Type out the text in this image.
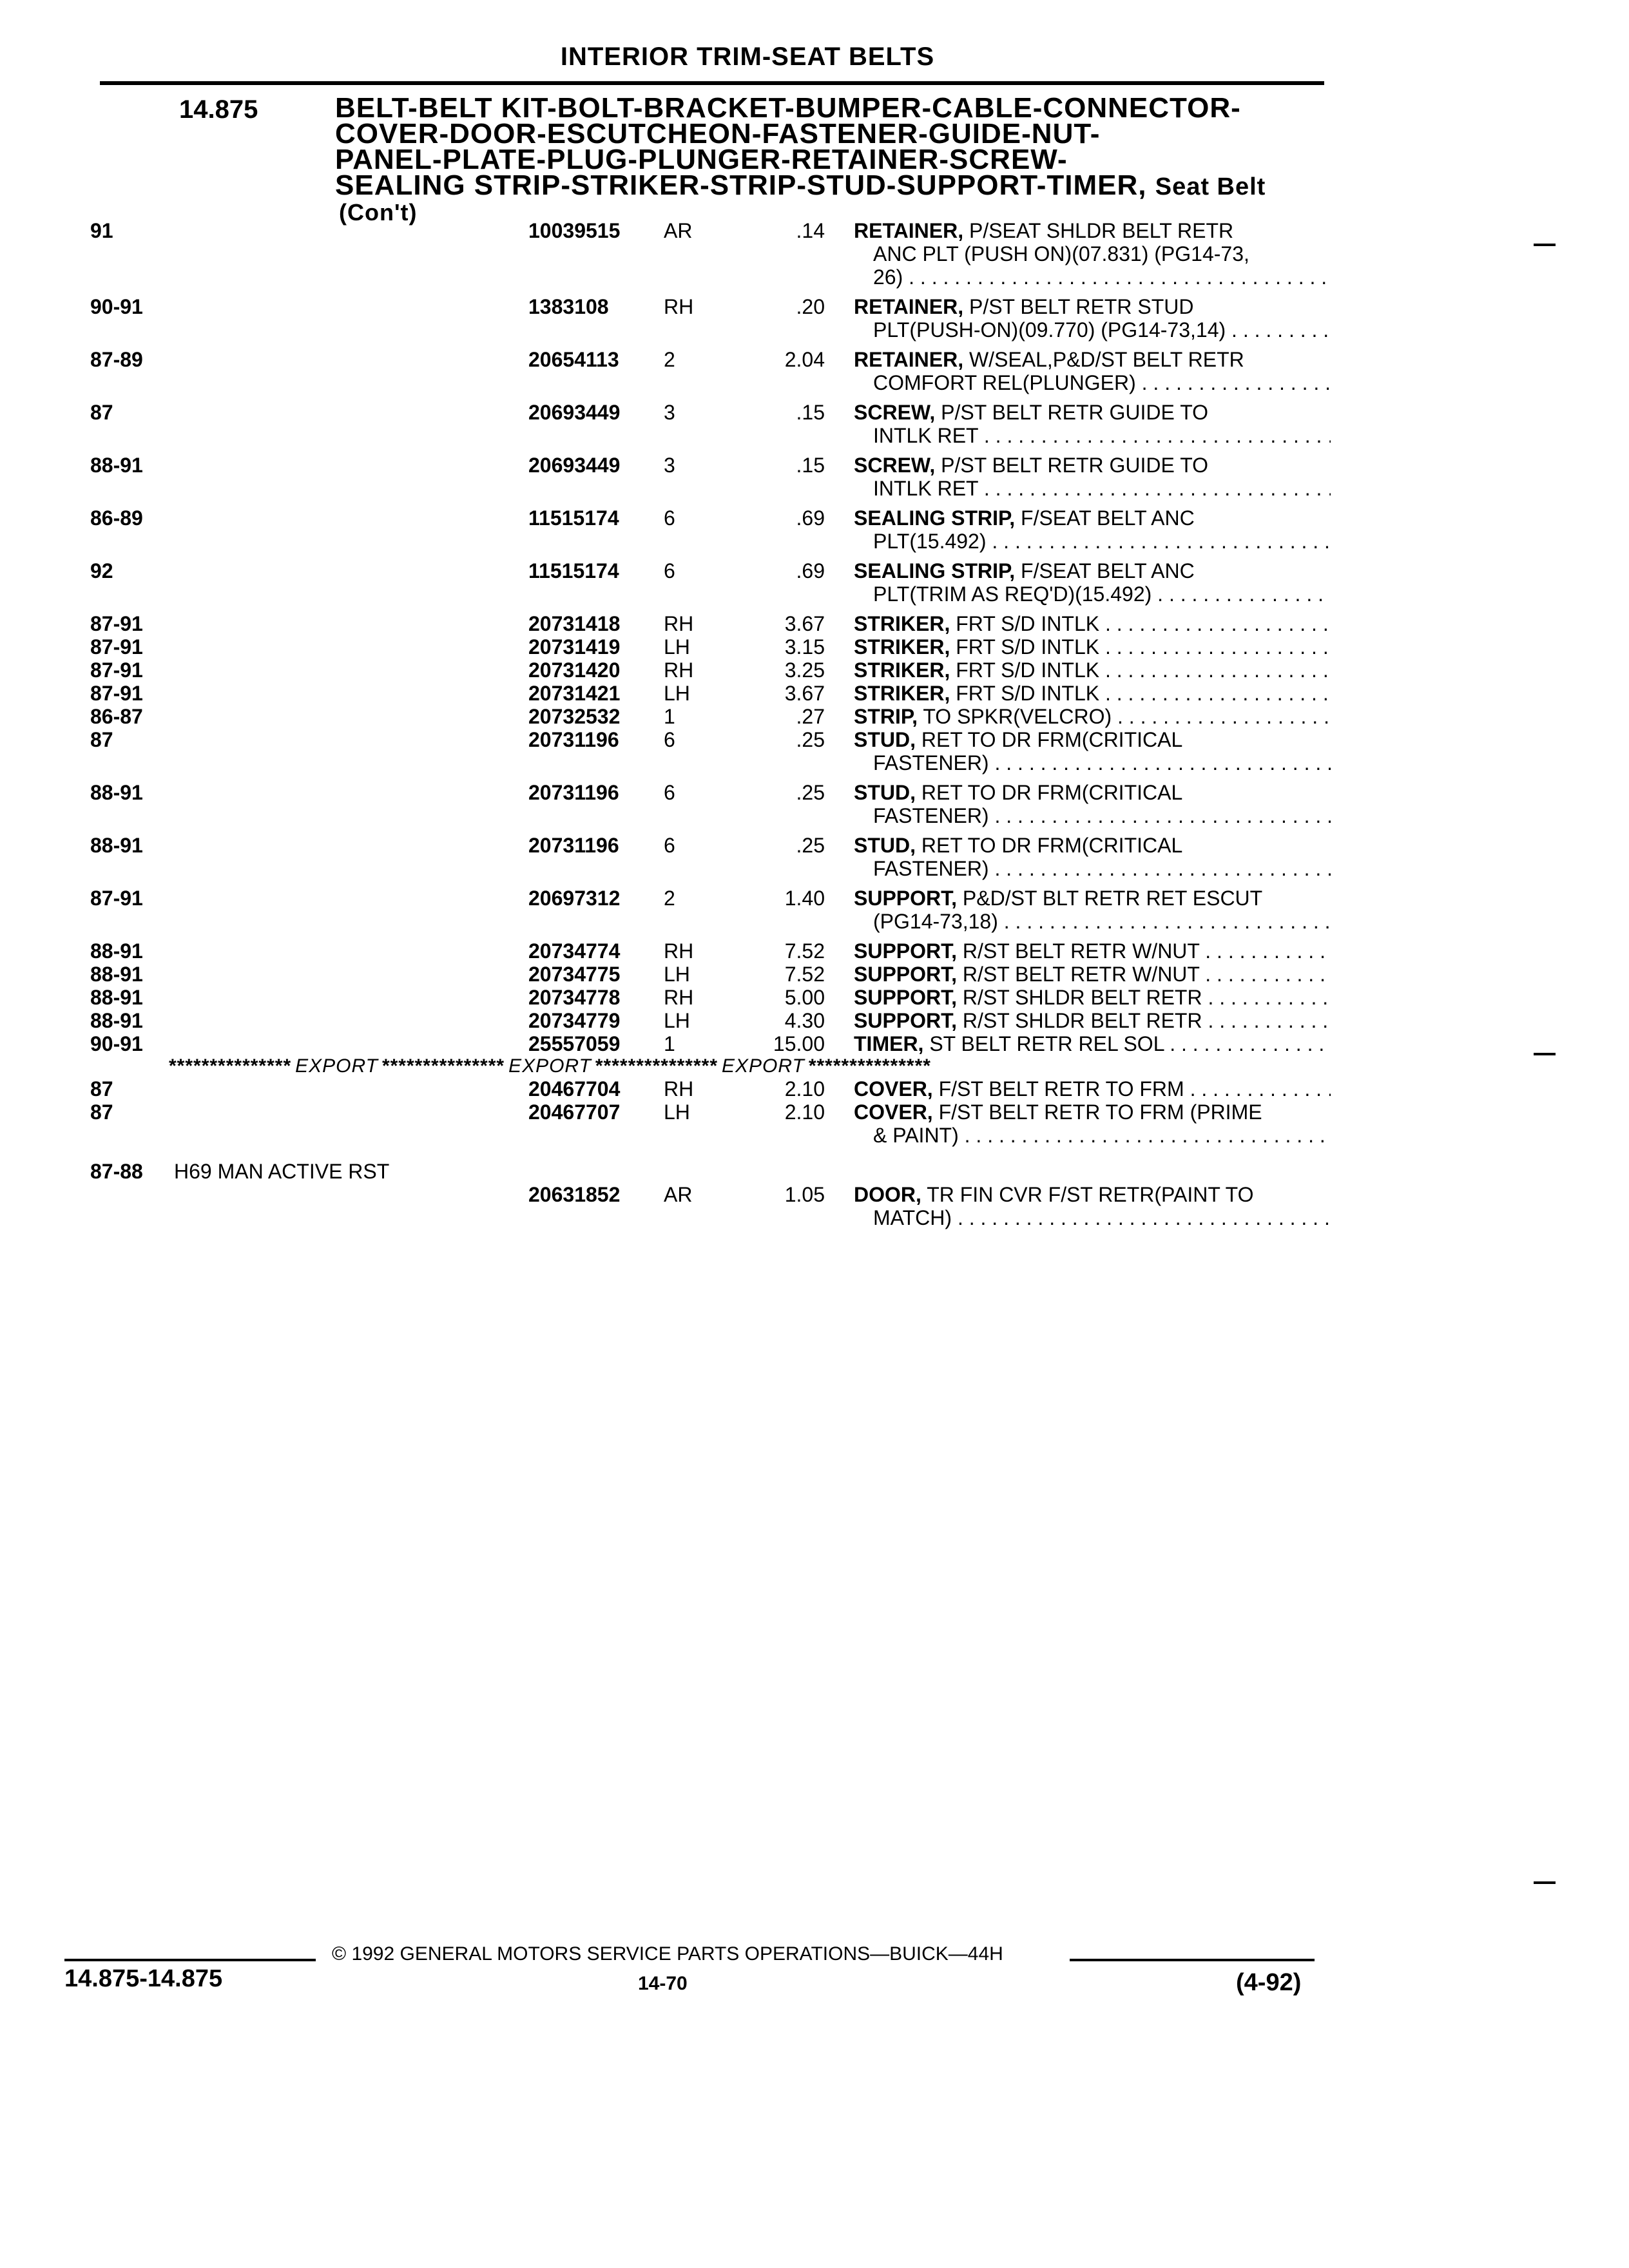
INTERIOR TRIM-SEAT BELTS
14.875	BELT-BELT KIT-BOLT-BRACKET-BUMPER-CABLE-CONNECTOR-
COVER-DOOR-ESCUTCHEON-FASTENER-GUIDE-NUT-
PANEL-PLATE-PLUG-PLUNGER-RETAINER-SCREW-
SEALING STRIP-STRIKER-STRIP-STUD-SUPPORT-TIMER, Seat Belt
(Con't)
91	10039515	AR	.14 RETAINER, P/SEAT SHLDR BELT RETR
ANC PLT (PUSH ON)(07.831) (PG14-73,
26) . . .
90-91	1383108	RH	.20 RETAINER, P/ST BELT RETR STUD
PLT(PUSH-ON)(09.770) (PG14-73,14) . . .
87-89	20654113	2	2.04 RETAINER, W/SEAL,P&D/ST BELT RETR
COMFORT REL(PLUNGER) . . .
87	20693449	3	.15 SCREW, P/ST BELT RETR GUIDE TO
INTLK RET . . .
88-91	20693449	3	.15 SCREW, P/ST BELT RETR GUIDE TO
INTLK RET . . .
86-89	11515174	6	.69 SEALING STRIP, F/SEAT BELT ANC
PLT(15.492) . . .
92	11515174	6	.69 SEALING STRIP, F/SEAT BELT ANC
PLT(TRIM AS REQ'D)(15.492) . . .
87-91	20731418	RH	3.67 STRIKER, FRT S/D INTLK . . .
87-91	20731419	LH	3.15 STRIKER, FRT S/D INTLK . . .
87-91	20731420	RH	3.25 STRIKER, FRT S/D INTLK . . .
87-91	20731421	LH	3.67 STRIKER, FRT S/D INTLK . . .
86-87	20732532	1	.27 STRIP, TO SPKR(VELCRO) . . .
87	20731196	6	.25 STUD, RET TO DR FRM(CRITICAL
FASTENER) . . .
88-91	20731196	6	.25 STUD, RET TO DR FRM(CRITICAL
FASTENER) . . .
88-91	20731196	6	.25 STUD, RET TO DR FRM(CRITICAL
FASTENER) . . .
87-91	20697312	2	1.40 SUPPORT, P&D/ST BLT RETR RET ESCUT
(PG14-73,18) . . .
88-91	20734774	RH	7.52 SUPPORT, R/ST BELT RETR W/NUT . . .
88-91	20734775	LH	7.52 SUPPORT, R/ST BELT RETR W/NUT . . .
88-91	20734778	RH	5.00 SUPPORT, R/ST SHLDR BELT RETR . . .
88-91	20734779	LH	4.30 SUPPORT, R/ST SHLDR BELT RETR . . .
90-91	25557059	1	15.00 TIMER, ST BELT RETR REL SOL . . .
*************** EXPORT *************** EXPORT *************** EXPORT ***************
87	20467704	RH	2.10 COVER, F/ST BELT RETR TO FRM . . .
87	20467707	LH	2.10 COVER, F/ST BELT RETR TO FRM (PRIME
& PAINT) . . .
87-88	H69 MAN ACTIVE RST
20631852	AR	1.05 DOOR, TR FIN CVR F/ST RETR(PAINT TO
MATCH) . . .
© 1992 GENERAL MOTORS SERVICE PARTS OPERATIONS—BUICK—44H
14.875-14.875	14-70	(4-92)
